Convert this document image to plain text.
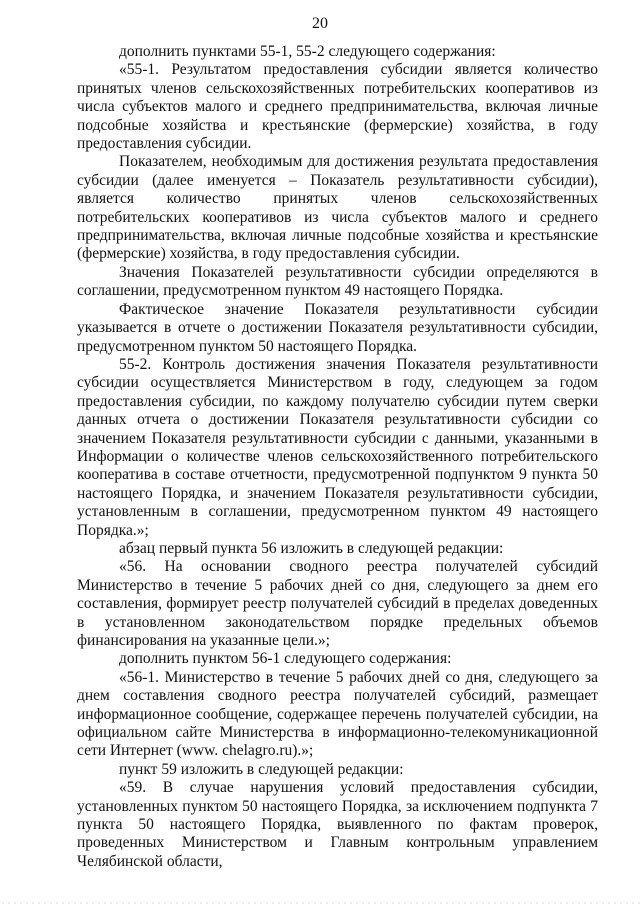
20

дополнить пунктами 55-1, 55-2 следующего содержания:

«55-1. Результатом предоставления субсидии является количество принятых членов сельскохозяйственных потребительских кооперативов из числа субъектов малого и среднего предпринимательства, включая личные подсобные хозяйства и крестьянские (фермерские) хозяйства, в году предоставления субсидии.

Показателем, необходимым для достижения результата предоставления субсидии (далее именуется – Показатель результативности субсидии), является количество принятых членов сельскохозяйственных потребительских кооперативов из числа субъектов малого и среднего предпринимательства, включая личные подсобные хозяйства и крестьянские (фермерские) хозяйства, в году предоставления субсидии.

Значения Показателей результативности субсидии определяются в соглашении, предусмотренном пунктом 49 настоящего Порядка.

Фактическое значение Показателя результативности субсидии указывается в отчете о достижении Показателя результативности субсидии, предусмотренном пунктом 50 настоящего Порядка.

55-2. Контроль достижения значения Показателя результативности субсидии осуществляется Министерством в году, следующем за годом предоставления субсидии, по каждому получателю субсидии путем сверки данных отчета о достижении Показателя результативности субсидии со значением Показателя результативности субсидии с данными, указанными в Информации о количестве членов сельскохозяйственного потребительского кооператива в составе отчетности, предусмотренной подпунктом 9 пункта 50 настоящего Порядка, и значением Показателя результативности субсидии, установленным в соглашении, предусмотренном пунктом 49 настоящего Порядка.»;

абзац первый пункта 56 изложить в следующей редакции:

«56. На основании сводного реестра получателей субсидий Министерство в течение 5 рабочих дней со дня, следующего за днем его составления, формирует реестр получателей субсидий в пределах доведенных в установленном законодательством порядке предельных объемов финансирования на указанные цели.»;

дополнить пунктом 56-1 следующего содержания:

«56-1. Министерство в течение 5 рабочих дней со дня, следующего за днем составления сводного реестра получателей субсидий, размещает информационное сообщение, содержащее перечень получателей субсидии, на официальном сайте Министерства в информационно-телекомуникационной сети Интернет (www. chelagro.ru).»;

пункт 59 изложить в следующей редакции:

«59. В случае нарушения условий предоставления субсидии, установленных пунктом 50 настоящего Порядка, за исключением подпункта 7 пункта 50 настоящего Порядка, выявленного по фактам проверок, проведенных Министерством и Главным контрольным управлением Челябинской области,
